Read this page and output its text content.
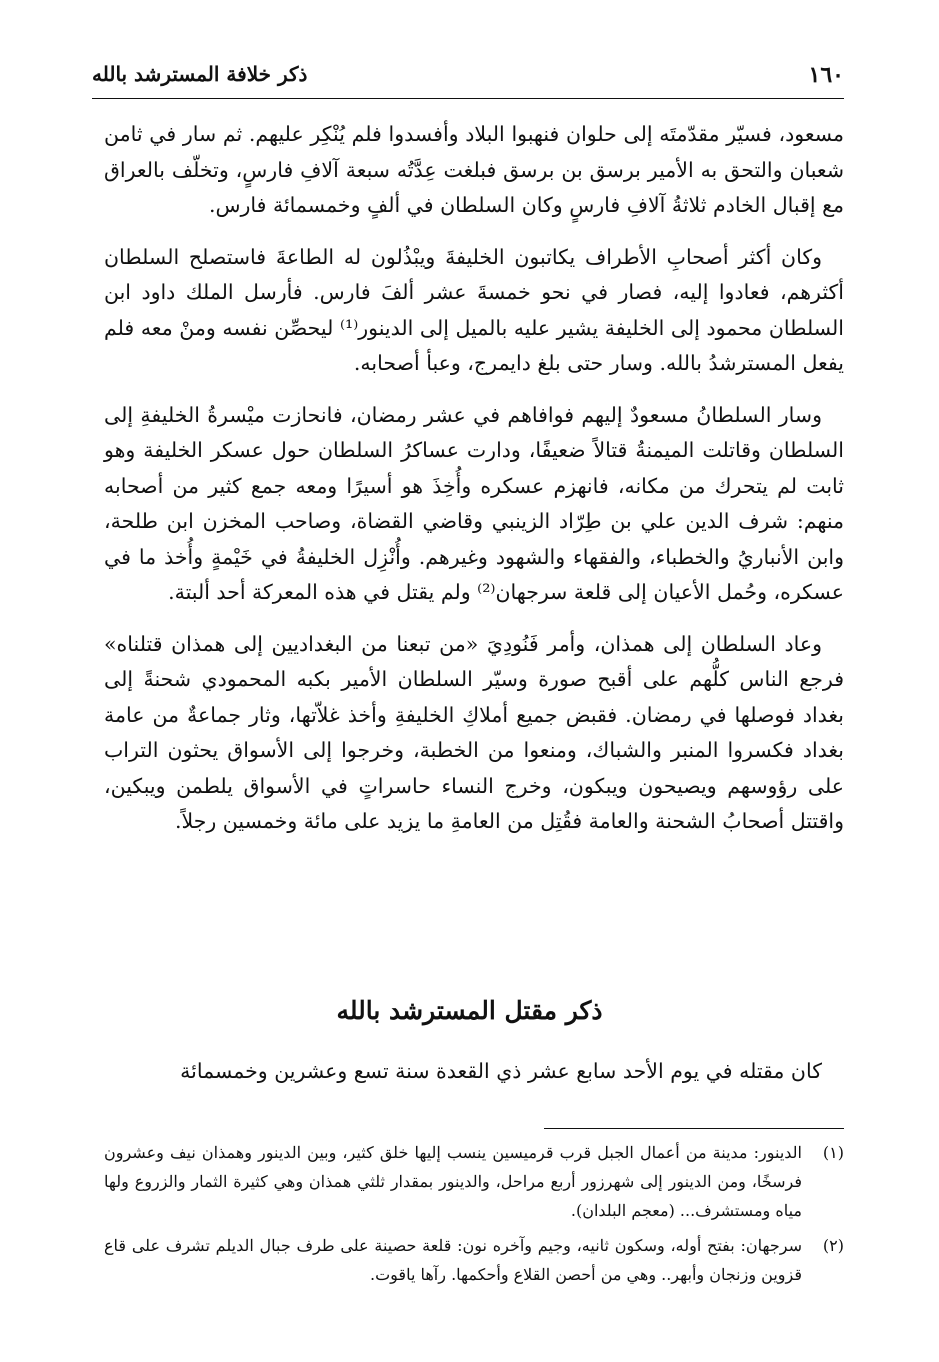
١٦٠
ذكر خلافة المسترشد بالله

مسعود، فسيّر مقدّمتَه إلى حلوان فنهبوا البلاد وأفسدوا فلم يُنْكِر عليهم. ثم سار في ثامن شعبان والتحق به الأمير برسق بن برسق فبلغت عِدَّتُه سبعة آلافِ فارسٍ، وتخلّف بالعراق مع إقبال الخادم ثلاثةُ آلافِ فارسٍ وكان السلطان في ألفٍ وخمسمائة فارس.

وكان أكثر أصحابِ الأطراف يكاتبون الخليفةَ ويبْذُلون له الطاعةَ فاستصلح السلطان أكثرهم، فعادوا إليه، فصار في نحو خمسةَ عشر ألفَ فارس. فأرسل الملك داود ابن السلطان محمود إلى الخليفة يشير عليه بالميل إلى الدينور⁽¹⁾ ليحصِّن نفسه ومنْ معه فلم يفعل المسترشدُ بالله. وسار حتى بلغ دايمرج، وعبأ أصحابه.

وسار السلطانُ مسعودٌ إليهم فوافاهم في عشر رمضان، فانحازت ميْسرةُ الخليفةِ إلى السلطان وقاتلت الميمنةُ قتالاً ضعيفًا، ودارت عساكرُ السلطان حول عسكر الخليفة وهو ثابت لم يتحرك من مكانه، فانهزم عسكره وأُخِذَ هو أسيرًا ومعه جمع كثير من أصحابه منهم: شرف الدين علي بن طِرّاد الزينبي وقاضي القضاة، وصاحب المخزن ابن طلحة، وابن الأنباريُ والخطباء، والفقهاء والشهود وغيرهم. وأُنْزِل الخليفةُ في خَيْمةٍ وأُخذ ما في عسكره، وحُمل الأعيان إلى قلعة سرجهان⁽²⁾ ولم يقتل في هذه المعركة أحد ألبتة.

وعاد السلطان إلى همذان، وأمر فَنُودِيَ «من تبعنا من البغداديين إلى همذان قتلناه» فرجع الناس كلُّهم على أقبح صورة وسيّر السلطان الأمير بكبه المحمودي شحنةً إلى بغداد فوصلها في رمضان. فقبض جميع أملاكِ الخليفةِ وأخذ غلاّتها، وثار جماعةٌ من عامة بغداد فكسروا المنبر والشباك، ومنعوا من الخطبة، وخرجوا إلى الأسواق يحثون التراب على رؤوسهم ويصيحون ويبكون، وخرج النساء حاسراتٍ في الأسواق يلطمن ويبكين، واقتتل أصحابُ الشحنة والعامة فقُتِل من العامةِ ما يزيد على مائة وخمسين رجلاً.

ذكر مقتل المسترشد بالله
كان مقتله في يوم الأحد سابع عشر ذي القعدة سنة تسع وعشرين وخمسمائة
(١)
الدينور: مدينة من أعمال الجبل قرب قرميسين ينسب إليها خلق كثير، وبين الدينور وهمذان نيف وعشرون فرسخًا، ومن الدينور إلى شهرزور أربع مراحل، والدينور بمقدار ثلثي همذان وهي كثيرة الثمار والزروع ولها مياه ومستشرف... (معجم البلدان).
(٢)
سرجهان: بفتح أوله، وسكون ثانيه، وجيم وآخره نون: قلعة حصينة على طرف جبال الديلم تشرف على قاع قزوين وزنجان وأبهر.. وهي من أحصن القلاع وأحكمها. رآها ياقوت.
